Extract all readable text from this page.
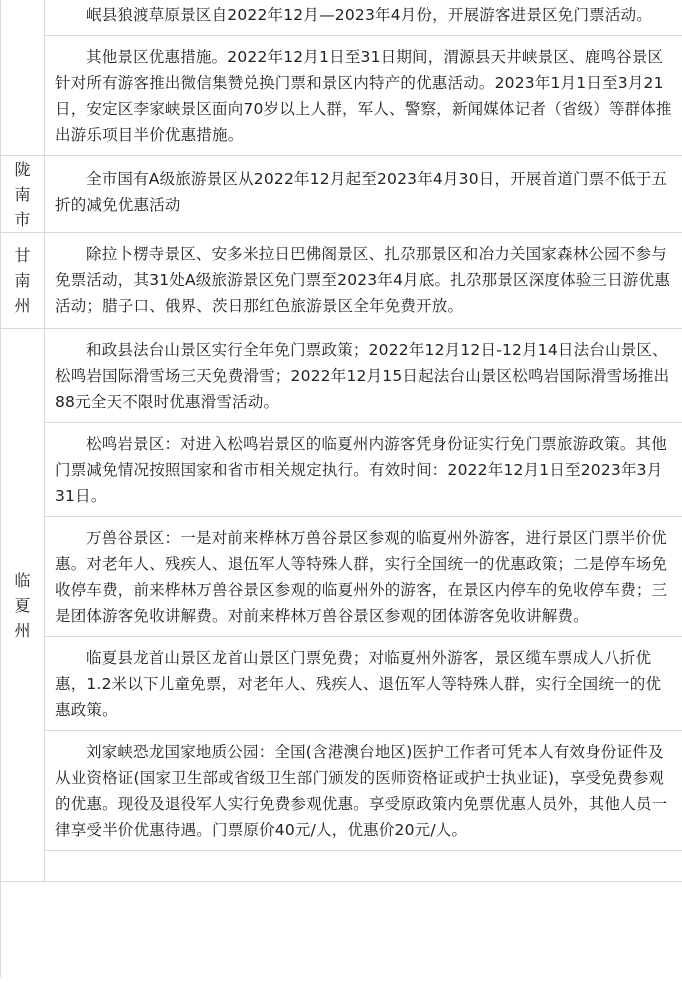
岷县狼渡草原景区自2022年12月—2023年4月份，开展游客进景区免门票活动。

其他景区优惠措施。2022年12月1日至31日期间，渭源县天井峡景区、鹿鸣谷景区针对所有游客推出微信集赞兑换门票和景区内特产的优惠活动。2023年1月1日至3月21日，安定区李家峡景区面向70岁以上人群，军人、警察，新闻媒体记者（省级）等群体推出游乐项目半价优惠措施。

陇南市

全市国有A级旅游景区从2022年12月起至2023年4月30日，开展首道门票不低于五折的减免优惠活动

甘南州

除拉卜楞寺景区、安多米拉日巴佛阁景区、扎尕那景区和冶力关国家森林公园不参与免票活动，其31处A级旅游景区免门票至2023年4月底。扎尕那景区深度体验三日游优惠活动；腊子口、俄界、茨日那红色旅游景区全年免费开放。

临夏州

和政县法台山景区实行全年免门票政策；2022年12月12日-12月14日法台山景区、松鸣岩国际滑雪场三天免费滑雪；2022年12月15日起法台山景区松鸣岩国际滑雪场推出88元全天不限时优惠滑雪活动。

松鸣岩景区：对进入松鸣岩景区的临夏州内游客凭身份证实行免门票旅游政策。其他门票减免情况按照国家和省市相关规定执行。有效时间：2022年12月1日至2023年3月31日。

万兽谷景区：一是对前来桦林万兽谷景区参观的临夏州外游客，进行景区门票半价优惠。对老年人、残疾人、退伍军人等特殊人群，实行全国统一的优惠政策；二是停车场免收停车费，前来桦林万兽谷景区参观的临夏州外的游客，在景区内停车的免收停车费；三是团体游客免收讲解费。对前来桦林万兽谷景区参观的团体游客免收讲解费。

临夏县龙首山景区龙首山景区门票免费；对临夏州外游客，景区缆车票成人八折优惠，1.2米以下儿童免票，对老年人、残疾人、退伍军人等特殊人群，实行全国统一的优惠政策。

刘家峡恐龙国家地质公园：全国(含港澳台地区)医护工作者可凭本人有效身份证件及从业资格证(国家卫生部或省级卫生部门颁发的医师资格证或护士执业证)，享受免费参观的优惠。现役及退役军人实行免费参观优惠。享受原政策内免票优惠人员外，其他人员一律享受半价优惠待遇。门票原价40元/人，优惠价20元/人。
